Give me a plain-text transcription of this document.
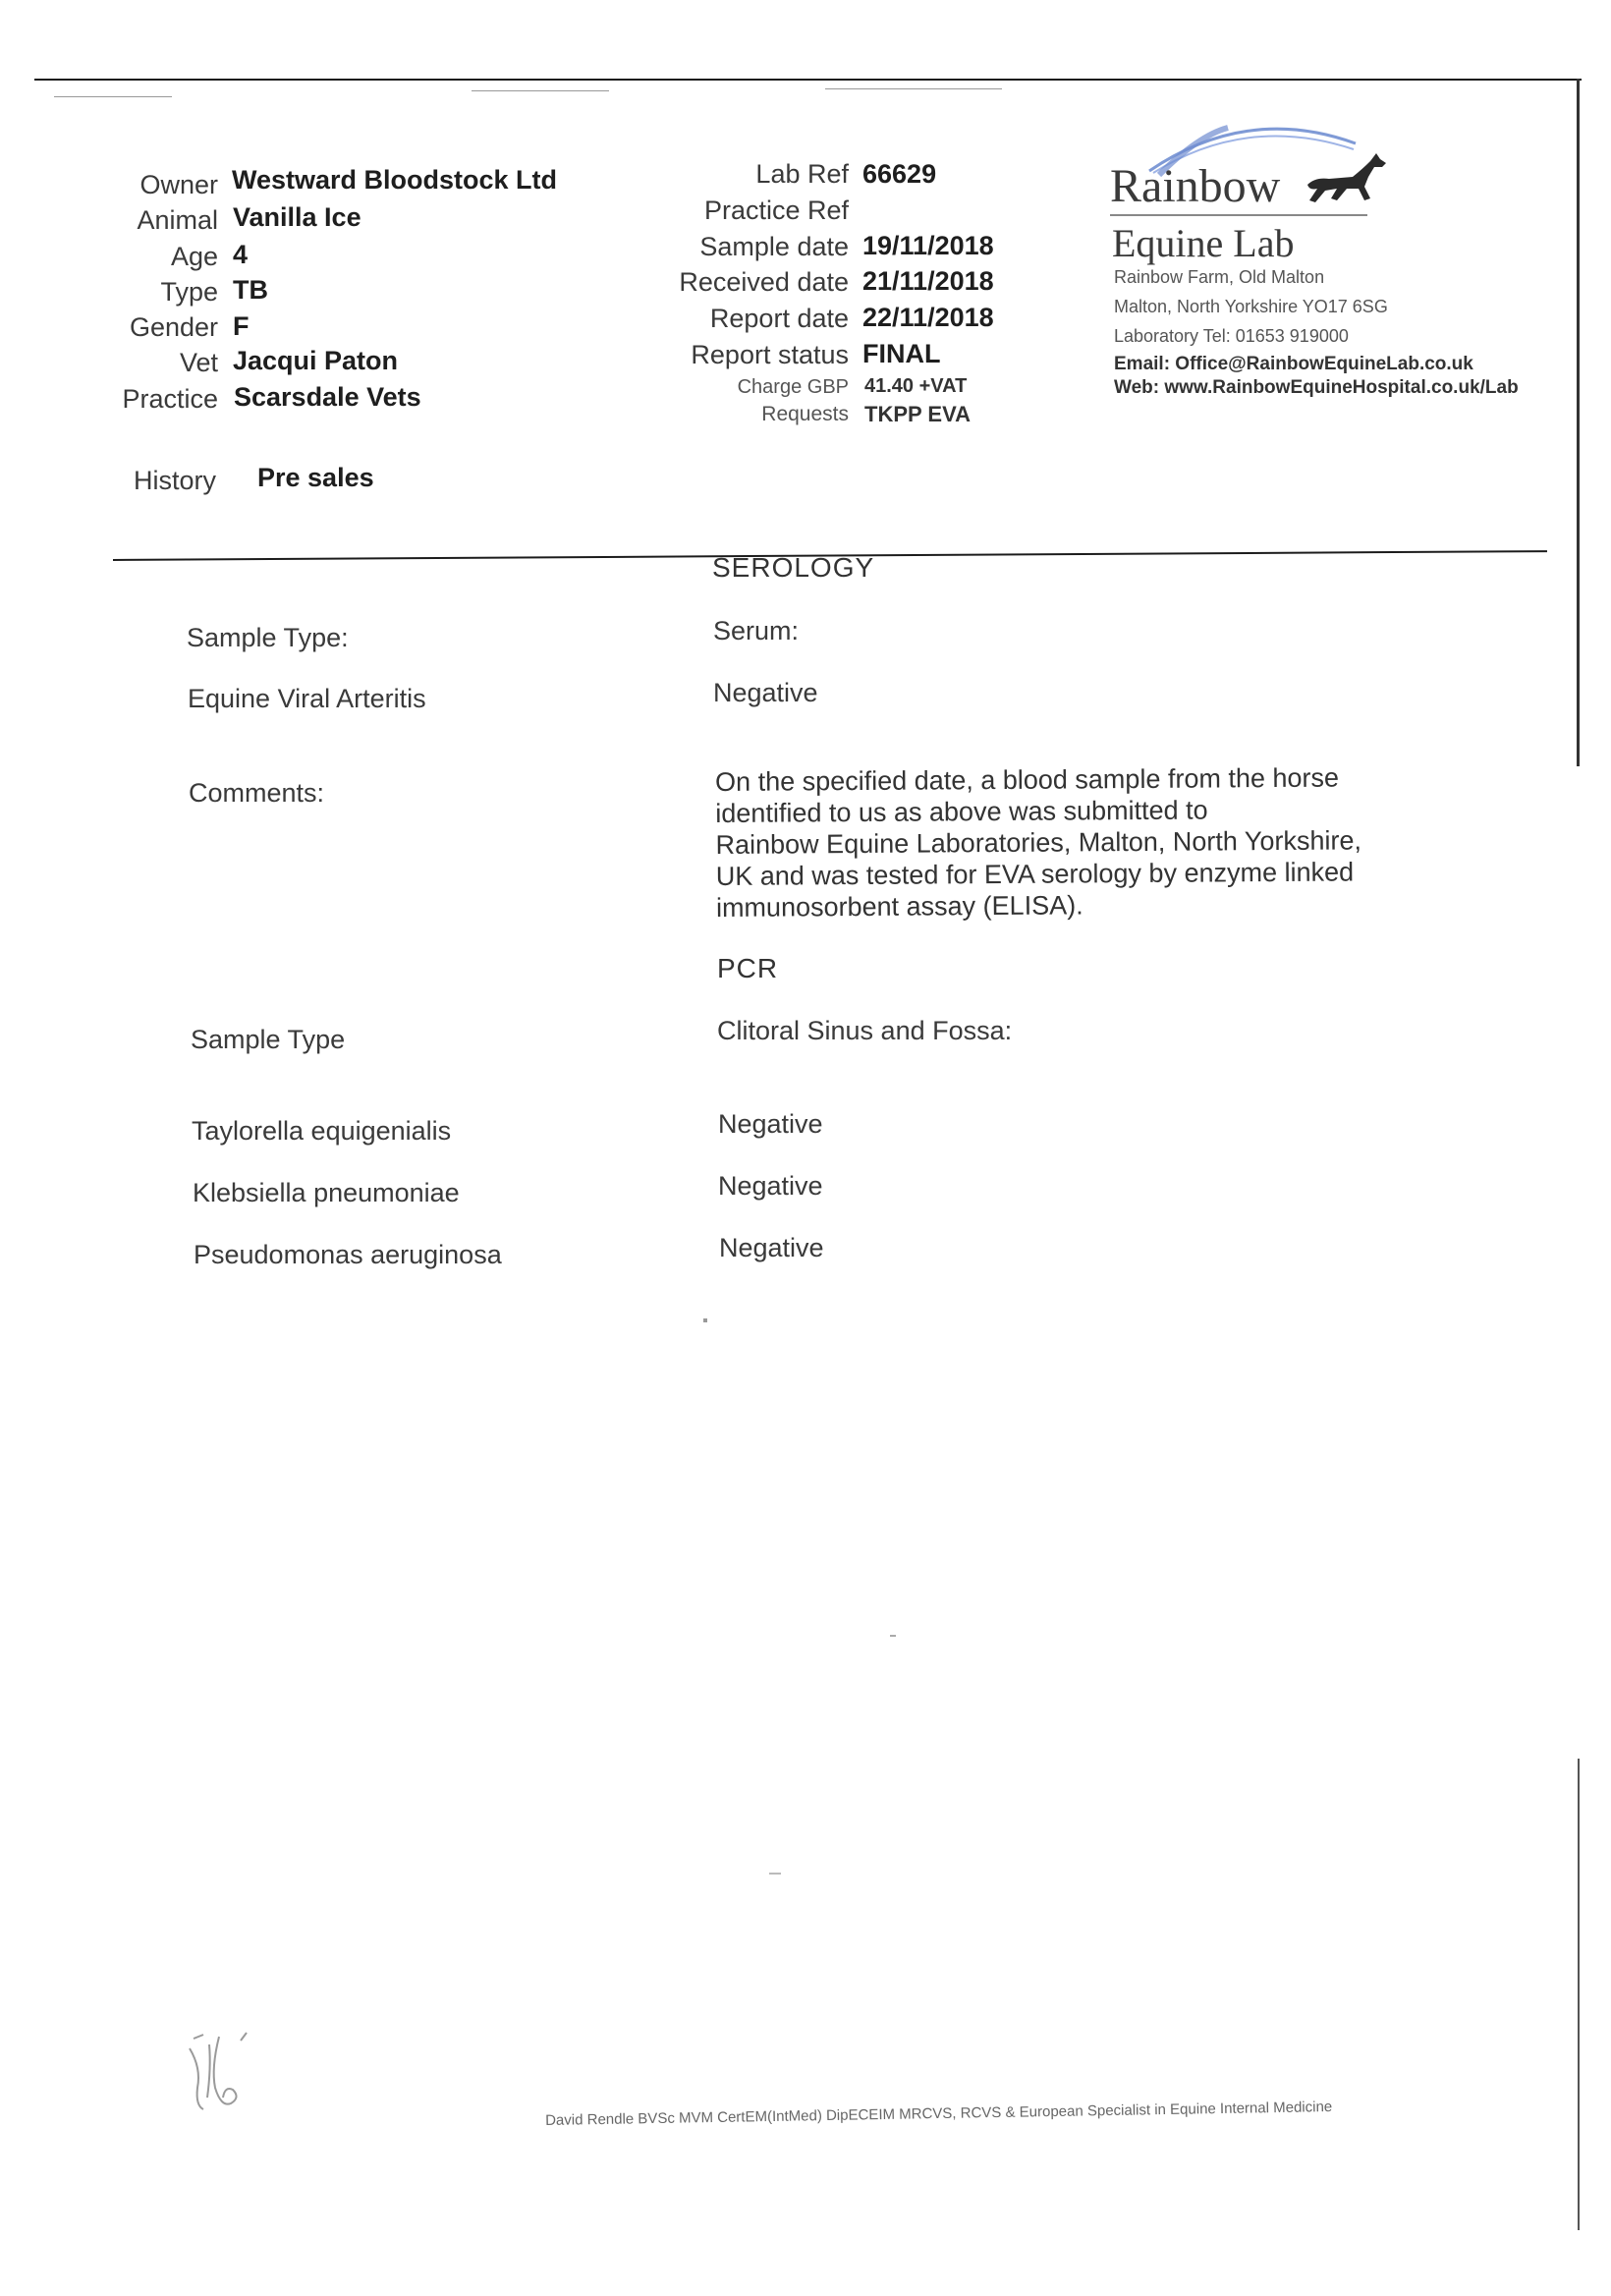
Owner Westward Bloodstock Ltd
Animal Vanilla Ice
Age 4
Type TB
Gender F
Vet Jacqui Paton
Practice Scarsdale Vets
History Pre sales
Lab Ref 66629
Practice Ref
Sample date 19/11/2018
Received date 21/11/2018
Report date 22/11/2018
Report status FINAL
Charge GBP 41.40 +VAT
Requests TKPP EVA
Rainbow
Equine Lab
Rainbow Farm, Old Malton
Malton, North Yorkshire YO17 6SG
Laboratory Tel: 01653 919000
Email: Office@RainbowEquineLab.co.uk
Web: www.RainbowEquineHospital.co.uk/Lab
SEROLOGY
Sample Type:	Serum:
Equine Viral Arteritis	Negative
Comments:	On the specified date, a blood sample from the horse
identified to us as above was submitted to
Rainbow Equine Laboratories, Malton, North Yorkshire,
UK and was tested for EVA serology by enzyme linked
immunosorbent assay (ELISA).
PCR
Sample Type	Clitoral Sinus and Fossa:
Taylorella equigenialis	Negative
Klebsiella pneumoniae	Negative
Pseudomonas aeruginosa	Negative
David Rendle BVSc MVM CertEM(IntMed) DipECEIM MRCVS, RCVS & European Specialist in Equine Internal Medicine
